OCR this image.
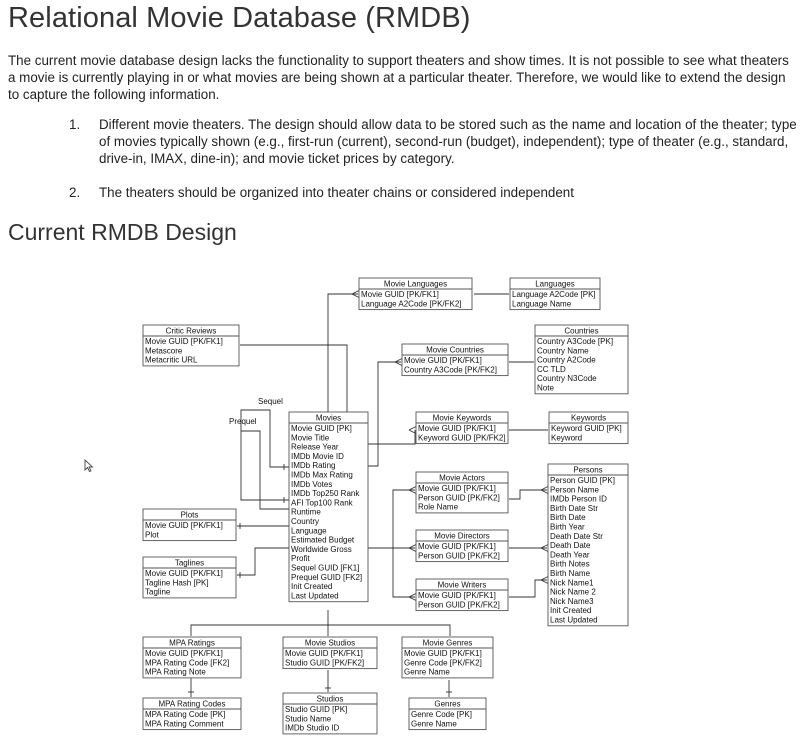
Relational Movie Database (RMDB)

The current movie database design lacks the functionality to support theaters and show times. It is not possible to see what theaters a movie is currently playing in or what movies are being shown at a particular theater. Therefore, we would like to extend the design to capture the following information.

1. Different movie theaters. The design should allow data to be stored such as the name and location of the theater; type of movies typically shown (e.g., first-run (current), second-run (budget), independent); type of theater (e.g., standard, drive-in, IMAX, dine-in); and movie ticket prices by category.
2. The theaters should be organized into theater chains or considered independent
Current RMDB Design
Movie Languages
Movie GUID [PK/FK1]
Language A2Code [PK/FK2]
Languages
Language A2Code [PK]
Language Name
Critic Reviews
Movie GUID [PK/FK1]
Metascore
Metacritic URL
Countries
Country A3Code [PK]
Country Name
Country A2Code
CC TLD
Country N3Code
Note
Movie Countries
Movie GUID [PK/FK1]
Country A3Code [PK/FK2]
Movies
Movie GUID [PK]
Movie Title
Release Year
IMDb Movie ID
IMDb Rating
IMDb Max Rating
IMDb Votes
IMDb Top250 Rank
AFI Top100 Rank
Runtime
Country
Language
Estimated Budget
Worldwide Gross
Profit
Sequel GUID [FK1]
Prequel GUID [FK2]
Init Created
Last Updated
Movie Keywords
Movie GUID [PK/FK1]
Keyword GUID [PK/FK2]
Keywords
Keyword GUID [PK]
Keyword
Persons
Person GUID [PK]
Person Name
IMDb Person ID
Birth Date Str
Birth Date
Birth Year
Death Date Str
Death Date
Death Year
Birth Notes
Birth Name
Nick Name1
Nick Name 2
Nick Name3
Init Created
Last Updated
Movie Actors
Movie GUID [PK/FK1]
Person GUID [PK/FK2]
Role Name
Plots
Movie GUID [PK/FK1]
Plot	Movie Directors
Movie GUID [PK/FK1]
Person GUID [PK/FK2]
Taglines
Movie GUID [PK/FK1]
Tagline Hash [PK]
Tagline
Movie Writers
Movie GUID [PK/FK1]
Person GUID [PK/FK2]
MPA Ratings
Movie GUID [PK/FK1]
MPA Rating Code [FK2]
MPA Rating Note
Movie Studios
Movie GUID [PK/FK1]
Studio GUID [PK/FK2]
Movie Genres
Movie GUID [PK/FK1]
Genre Code [PK/FK2]
Genre Name
MPA Rating Codes
MPA Rating Code [PK]
MPA Rating Comment
Studios
Studio GUID [PK]
Studio Name
IMDb Studio ID
Genres
Genre Code [PK]
Genre Name
Sequel
Prequel
